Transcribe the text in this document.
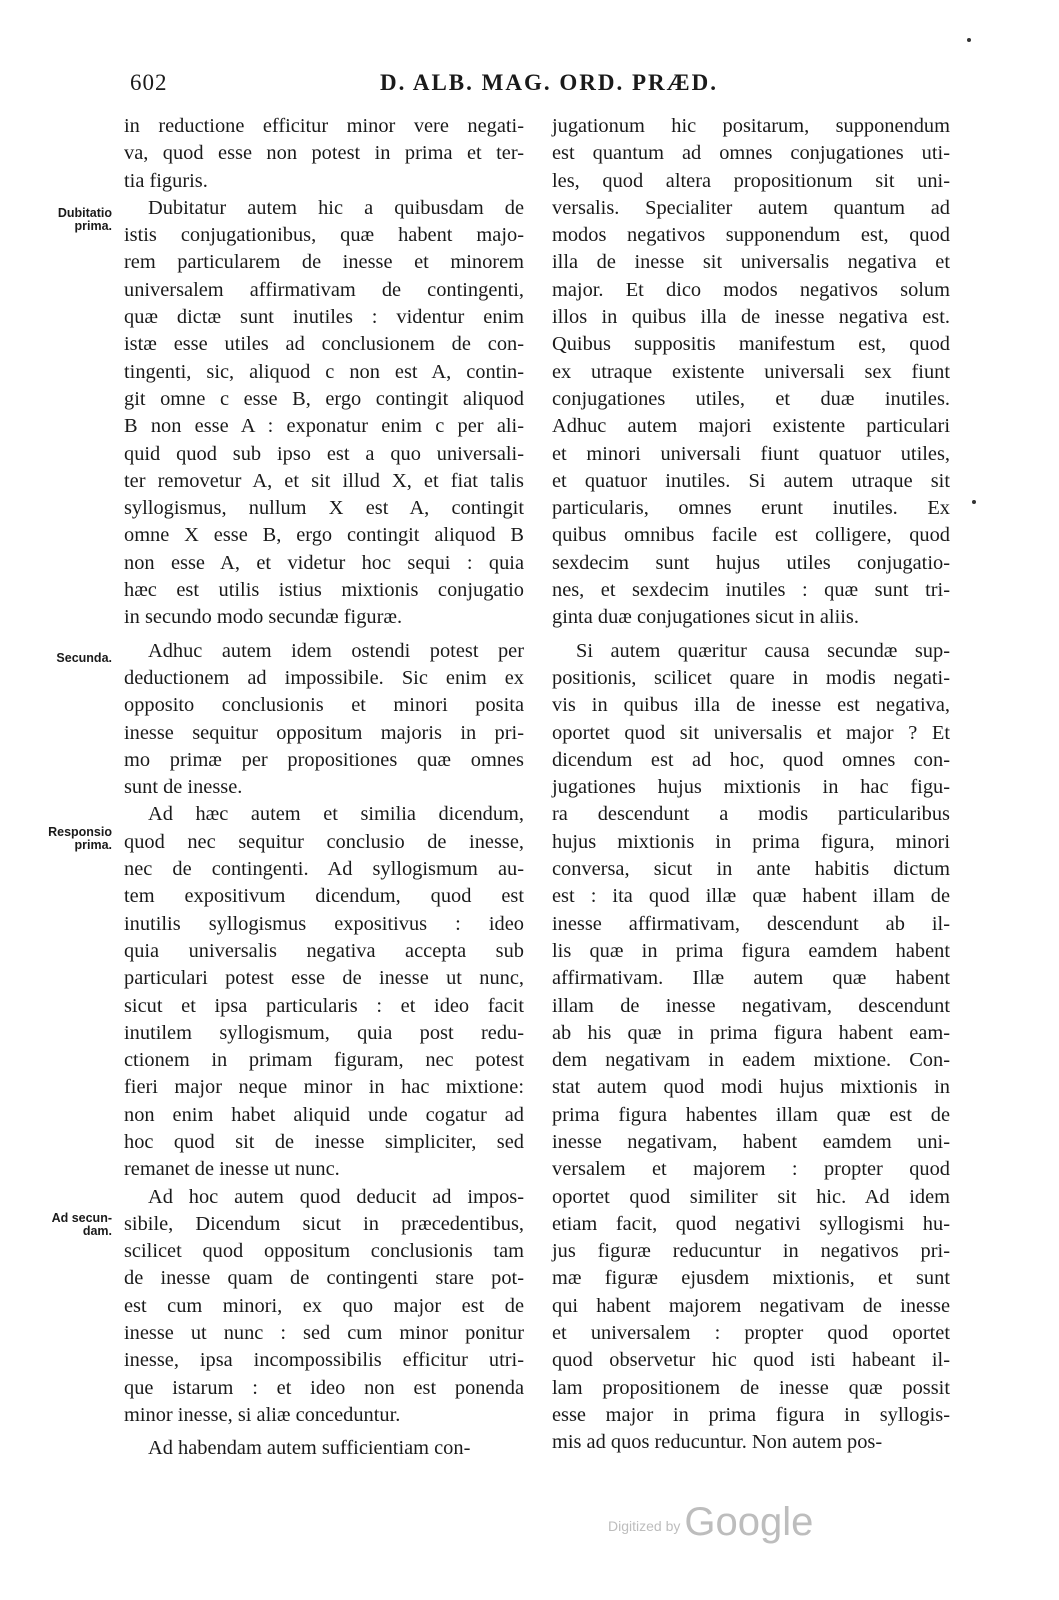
602	D. ALB. MAG. ORD. PRÆD.
Dubitatio
prima.
Secunda.
Responsio
prima.
Ad secun-
dam.
in reductione efficitur minor vere negati-
va, quod esse non potest in prima et ter-
tia figuris.
Dubitatur autem hic a quibusdam de
istis conjugationibus, quæ habent majo-
rem particularem de inesse et minorem
universalem affirmativam de contingenti,
quæ dictæ sunt inutiles : videntur enim
istæ esse utiles ad conclusionem de con-
tingenti, sic, aliquod c non est A, contin-
git omne c esse B, ergo contingit aliquod
B non esse A : exponatur enim c per ali-
quid quod sub ipso est a quo universali-
ter removetur A, et sit illud X, et fiat talis
syllogismus, nullum X est A, contingit
omne X esse B, ergo contingit aliquod B
non esse A, et videtur hoc sequi : quia
hæc est utilis istius mixtionis conjugatio
in secundo modo secundæ figuræ.
Adhuc autem idem ostendi potest per
deductionem ad impossibile. Sic enim ex
opposito conclusionis et minori posita
inesse sequitur oppositum majoris in pri-
mo primæ per propositiones quæ omnes
sunt de inesse.
Ad hæc autem et similia dicendum,
quod nec sequitur conclusio de inesse,
nec de contingenti. Ad syllogismum au-
tem expositivum dicendum, quod est
inutilis syllogismus expositivus : ideo
quia universalis negativa accepta sub
particulari potest esse de inesse ut nunc,
sicut et ipsa particularis : et ideo facit
inutilem syllogismum, quia post redu-
ctionem in primam figuram, nec potest
fieri major neque minor in hac mixtione:
non enim habet aliquid unde cogatur ad
hoc quod sit de inesse simpliciter, sed
remanet de inesse ut nunc.
Ad hoc autem quod deducit ad impos-
sibile, Dicendum sicut in præcedentibus,
scilicet quod oppositum conclusionis tam
de inesse quam de contingenti stare pot-
est cum minori, ex quo major est de
inesse ut nunc : sed cum minor ponitur
inesse, ipsa incompossibilis efficitur utri-
que istarum : et ideo non est ponenda
minor inesse, si aliæ conceduntur.
Ad habendam autem sufficientiam con-
jugationum hic positarum, supponendum
est quantum ad omnes conjugationes uti-
les, quod altera propositionum sit uni-
versalis. Specialiter autem quantum ad
modos negativos supponendum est, quod
illa de inesse sit universalis negativa et
major. Et dico modos negativos solum
illos in quibus illa de inesse negativa est.
Quibus suppositis manifestum est, quod
ex utraque existente universali sex fiunt
conjugationes utiles, et duæ inutiles.
Adhuc autem majori existente particulari
et minori universali fiunt quatuor utiles,
et quatuor inutiles. Si autem utraque sit
particularis, omnes erunt inutiles. Ex
quibus omnibus facile est colligere, quod
sexdecim sunt hujus utiles conjugatio-
nes, et sexdecim inutiles : quæ sunt tri-
ginta duæ conjugationes sicut in aliis.
Si autem quæritur causa secundæ sup-
positionis, scilicet quare in modis negati-
vis in quibus illa de inesse est negativa,
oportet quod sit universalis et major ? Et
dicendum est ad hoc, quod omnes con-
jugationes hujus mixtionis in hac figu-
ra descendunt a modis particularibus
hujus mixtionis in prima figura, minori
conversa, sicut in ante habitis dictum
est : ita quod illæ quæ habent illam de
inesse affirmativam, descendunt ab il-
lis quæ in prima figura eamdem habent
affirmativam. Illæ autem quæ habent
illam de inesse negativam, descendunt
ab his quæ in prima figura habent eam-
dem negativam in eadem mixtione. Con-
stat autem quod modi hujus mixtionis in
prima figura habentes illam quæ est de
inesse negativam, habent eamdem uni-
versalem et majorem : propter quod
oportet quod similiter sit hic. Ad idem
etiam facit, quod negativi syllogismi hu-
jus figuræ reducuntur in negativos pri-
mæ figuræ ejusdem mixtionis, et sunt
qui habent majorem negativam de inesse
et universalem : propter quod oportet
quod observetur hic quod isti habeant il-
lam propositionem de inesse quæ possit
esse major in prima figura in syllogis-
mis ad quos reducuntur. Non autem pos-
Digitized by Google
